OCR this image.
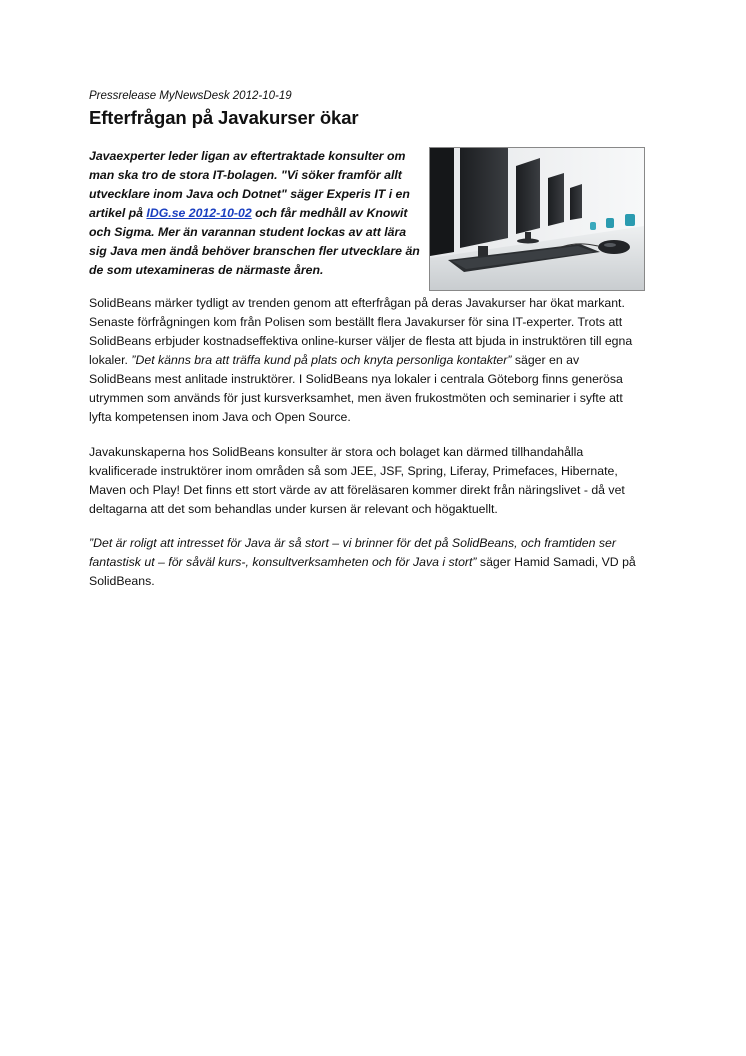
Pressrelease MyNewsDesk 2012-10-19
Efterfrågan på Javakurser ökar

Javaexperter leder ligan av eftertraktade konsulter om
man ska tro de stora IT-bolagen. "Vi söker framför allt
utvecklare inom Java och Dotnet" säger Experis IT i en
artikel på IDG.se 2012-10-02 och får medhåll av Knowit
och Sigma. Mer än varannan student lockas av att lära
sig Java men ändå behöver branschen fler utvecklare än
de som utexamineras de närmaste åren.

SolidBeans märker tydligt av trenden genom att efterfrågan på deras Javakurser har ökat markant.
Senaste förfrågningen kom från Polisen som beställt flera Javakurser för sina IT-experter. Trots att
SolidBeans erbjuder kostnadseffektiva online-kurser väljer de flesta att bjuda in instruktören till egna
lokaler. ”Det känns bra att träffa kund på plats och knyta personliga kontakter” säger en av
SolidBeans mest anlitade instruktörer. I SolidBeans nya lokaler i centrala Göteborg finns generösa
utrymmen som används för just kursverksamhet, men även frukostmöten och seminarier i syfte att
lyfta kompetensen inom Java och Open Source.

Javakunskaperna hos SolidBeans konsulter är stora och bolaget kan därmed tillhandahålla
kvalificerade instruktörer inom områden så som JEE, JSF, Spring, Liferay, Primefaces, Hibernate,
Maven och Play! Det finns ett stort värde av att föreläsaren kommer direkt från näringslivet - då vet
deltagarna att det som behandlas under kursen är relevant och högaktuellt.

”Det är roligt att intresset för Java är så stort – vi brinner för det på SolidBeans, och framtiden ser
fantastisk ut – för såväl kurs-, konsultverksamheten och för Java i stort” säger Hamid Samadi, VD på
SolidBeans.
